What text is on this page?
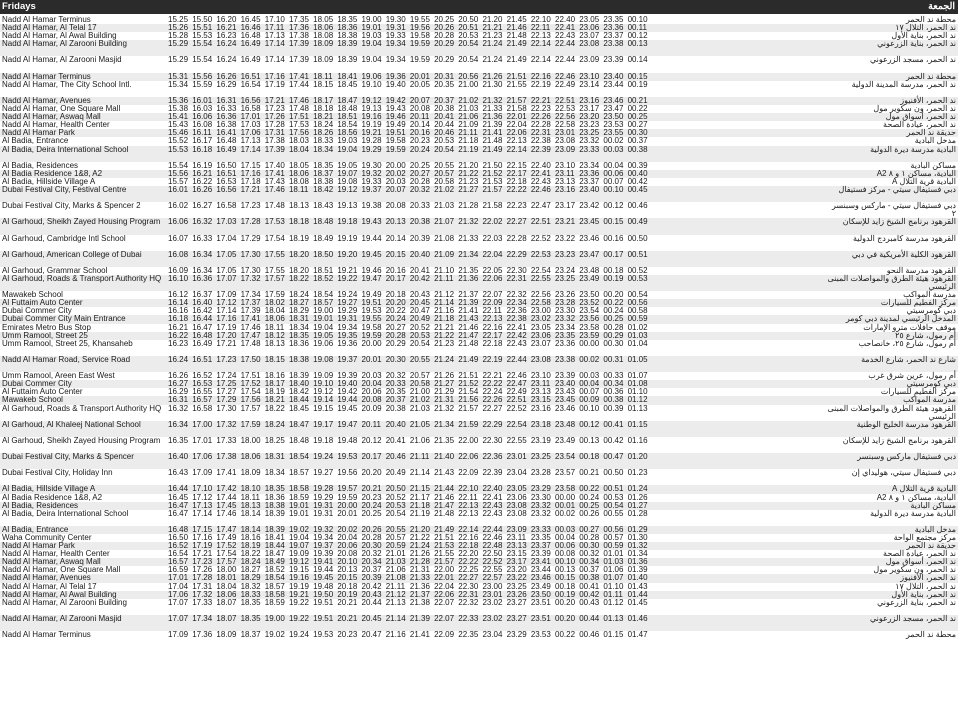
Fridays	الجمعة
Nadd Al Hamar Terminus	15.25 15.50 16.20 16.45 17.10 17.35 18.05 18.35 19.00 19.30 19.55 20.25 20.50 21.20 21.45 22.10 22.40 23.05 23.35 00.10	محطة ند الحمر
Nadd Al Hamar, Al Telal 17	15.26 15.51 16.21 16.46 17.11 17.36 18.06 18.36 19.01 19.31 19.56 20.26 20.51 21.21 21.46 22.11 22.41 23.06 23.36 00.11	ند الحمر، التلال ١٧
Nadd Al Hamar, Al Awal Building	15.28 15.53 16.23 16.48 17.13 17.38 18.08 18.38 19.03 19.33 19.58 20.28 20.53 21.23 21.48 22.13 22.43 23.07 23.37 00.12	ند الحمر، بناية الأول
Nadd Al Hamar, Al Zarooni Building	15.29 15.54 16.24 16.49 17.14 17.39 18.09 18.39 19.04 19.34 19.59 20.29 20.54 21.24 21.49 22.14 22.44 23.08 23.38 00.13	ند الحمر، بناية الزرعوني
Nadd Al Hamar, Al Zarooni Masjid	15.29 15.54 16.24 16.49 17.14 17.39 18.09 18.39 19.04 19.34 19.59 20.29 20.54 21.24 21.49 22.14 22.44 23.09 23.39 00.14	ند الحمر، مسجد الزرعوني
Nadd Al Hamar Terminus	15.31 15.56 16.26 16.51 17.16 17.41 18.11 18.41 19.06 19.36 20.01 20.31 20.56 21.26 21.51 22.16 22.46 23.10 23.40 00.15	محطة ند الحمر
Nadd Al Hamar, The City School Intl.	15.34 15.59 16.29 16.54 17.19 17.44 18.15 18.45 19.10 19.40 20.05 20.35 21.00 21.30 21.55 22.19 22.49 23.14 23.44 00.19	ند الحمر، مدرسة المدينة الدولية
Nadd Al Hamar, Avenues	15.36 16.01 16.31 16.56 17.21 17.46 18.17 18.47 19.12 19.42 20.07 20.37 21.02 21.32 21.57 22.21 22.51 23.16 23.46 00.21	ند الحمر، الأفنيوز
Nadd Al Hamar, One Square Mall	15.38 16.03 16.33 16.58 17.23 17.48 18.18 18.48 19.13 19.43 20.08 20.38 21.03 21.33 21.58 22.23 22.53 23.17 23.47 00.22	ند الحمر، ون سكوير مول
Nadd Al Hamar, Aswaq Mall	15.41 16.06 16.36 17.01 17.26 17.51 18.21 18.51 19.16 19.46 20.11 20.41 21.06 21.36 22.01 22.26 22.56 23.20 23.50 00.25	ند الحمر، أسواق مول
Nadd Al Hamar, Health Center	15.43 16.08 16.38 17.03 17.28 17.53 18.24 18.54 19.19 19.49 20.14 20.44 21.09 21.39 22.04 22.28 22.58 23.23 23.53 00.27	ند الحمر، عيادة الصحة
Nadd Al Hamar Park	15.46 16.11 16.41 17.06 17.31 17.56 18.26 18.56 19.21 19.51 20.16 20.46 21.11 21.41 22.06 22.31 23.01 23.25 23.55 00.30	حديقة ند الحمر
Al Badia, Entrance	15.52 16.17 16.48 17.13 17.38 18.03 18.33 19.03 19.28 19.58 20.23 20.53 21.18 21.48 22.13 22.38 23.08 23.32 00.02 00.37	مدخل البادية
Al Badia, Deira International School	15.53 16.18 16.49 17.14 17.39 18.04 18.34 19.04 19.29 19.59 20.24 20.54 21.19 21.49 22.14 22.39 23.09 23.33 00.03 00.38	البادية مدرسة ديرة الدولية
Al Badia, Residences	15.54 16.19 16.50 17.15 17.40 18.05 18.35 19.05 19.30 20.00 20.25 20.55 21.20 21.50 22.15 22.40 23.10 23.34 00.04 00.39	مساكن البادية
Al Badia Residence 1&8, A2	15.56 16.21 16.51 17.16 17.41 18.06 18.37 19.07 19.32 20.02 20.27 20.57 21.22 21.52 22.17 22.41 23.11 23.36 00.06 00.40	البادية، مساكن ١ و ٨ A2
Al Badia, Hillside Village A	15.57 16.22 16.53 17.18 17.43 18.08 18.38 19.08 19.33 20.03 20.28 20.58 21.23 21.53 22.18 22.43 23.13 23.37 00.07 00.42	البادية قرية التلال A
Dubai Festival City, Festival Centre	16.01 16.26 16.56 17.21 17.46 18.11 18.42 19.12 19.37 20.07 20.32 21.02 21.27 21.57 22.22 22.46 23.16 23.40 00.10 00.45	دبي فستيفال سيتي - مركز فستيفال
Dubai Festival City, Marks & Spencer 2	16.02 16.27 16.58 17.23 17.48 18.13 18.43 19.13 19.38 20.08 20.33 21.03 21.28 21.58 22.23 22.47 23.17 23.42 00.12 00.46	دبي فستيفال سيتي - ماركس وسبنسر ٢
Al Garhoud, Sheikh Zayed Housing Program 16.06 16.32 17.03 17.28 17.53 18.18 18.48 19.18 19.43 20.13 20.38 21.07 21.32 22.02 22.27 22.51 23.21 23.45 00.15 00.49	القرهود برنامج الشيخ زايد للإسكان
Al Garhoud, Cambridge Intl School	16.07 16.33 17.04 17.29 17.54 18.19 18.49 19.19 19.44 20.14 20.39 21.08 21.33 22.03 22.28 22.52 23.22 23.46 00.16 00.50	القرهود مدرسة كامبردج الدولية
Al Garhoud, American College of Dubai	16.08 16.34 17.05 17.30 17.55 18.20 18.50 19.20 19.45 20.15 20.40 21.09 21.34 22.04 22.29 22.53 23.23 23.47 00.17 00.51	القرهود الكلية الأمريكية في دبي
Al Garhoud, Grammar School	16.09 16.34 17.05 17.30 17.55 18.20 18.51 19.21 19.46 20.16 20.41 21.10 21.35 22.05 22.30 22.54 23.24 23.48 00.18 00.52	القرهود مدرسة النحو
Al Garhoud, Roads & Transport Authority HQ 16.10 16.36 17.07 17.32 17.57 18.22 18.52 19.22 19.47 20.17 20.42 21.11 21.36 22.06 22.31 22.55 23.25 23.49 00.19 00.53	القرهود هيئة الطرق والمواصلات المبنى الرئيسي
Mawakeb School	16.12 16.37 17.09 17.34 17.59 18.24 18.54 19.24 19.49 20.18 20.43 21.12 21.37 22.07 22.32 22.56 23.26 23.50 00.20 00.54	مدرسة المواكب
Al Futtaim Auto Center	16.14 16.40 17.12 17.37 18.02 18.27 18.57 19.27 19.51 20.20 20.45 21.14 21.39 22.09 22.34 22.58 23.28 23.52 00.22 00.56	مركز الفطيم للسيارات
Dubai Commer City	16.16 16.42 17.14 17.39 18.04 18.29 19.00 19.29 19.53 20.22 20.47 21.16 21.41 22.11 22.36 23.00 23.30 23.54 00.24 00.58	دبي كومرسيتي
Dubai Commer City Main Entrance	16.18 16.44 17.16 17.41 18.06 18.31 19.01 19.31 19.55 20.24 20.49 21.18 21.43 22.13 22.38 23.02 23.32 23.56 00.25 00.59	المدخل الرئيسي لمدينة دبي كومر
Emirates Metro Bus Stop	16.21 16.47 17.19 17.46 18.11 18.34 19.04 19.34 19.58 20.27 20.52 21.21 21.46 22.16 22.41 23.05 23.34 23.58 00.28 01.02	موقف حافلات مترو الإمارات
Umm Ramool, Street 25	16.22 16.48 17.20 17.47 18.12 18.35 19.05 19.35 19.59 20.28 20.53 21.22 21.47 22.17 22.42 23.06 23.35 23.59 00.29 01.03	أم رمول، شارع ٢٥
Umm Ramool, Street 25, Khansaheb	16.23 16.49 17.21 17.48 18.13 18.36 19.06 19.36 20.00 20.29 20.54 21.23 21.48 22.18 22.43 23.07 23.36 00.00 00.30 01.04	أم رمول، شارع ٢٥، خانصاحب
Nadd Al Hamar Road, Service Road	16.24 16.51 17.23 17.50 18.15 18.38 19.08 19.37 20.01 20.30 20.55 21.24 21.49 22.19 22.44 23.08 23.38 00.02 00.31 01.05	شارع ند الحمر، شارع الخدمة
Umm Ramool, Areen East West	16.26 16.52 17.24 17.51 18.16 18.39 19.09 19.39 20.03 20.32 20.57 21.26 21.51 22.21 22.46 23.10 23.39 00.03 00.33 01.07	أم رمول، عرين شرق غرب
Dubai Commer City	16.27 16.53 17.25 17.52 18.17 18.40 19.10 19.40 20.04 20.33 20.58 21.27 21.52 22.22 22.47 23.11 23.40 00.04 00.34 01.08	دبي كومرسيتي
Al Futtaim Auto Center	16.29 16.55 17.27 17.54 18.19 18.42 19.12 19.42 20.06 20.35 21.00 21.29 21.54 22.24 22.49 23.13 23.43 00.07 00.36 01.10	مركز الفطيم للسيارات
Mawakeb School	16.31 16.57 17.29 17.56 18.21 18.44 19.14 19.44 20.08 20.37 21.02 21.31 21.56 22.26 22.51 23.15 23.45 00.09 00.38 01.12	مدرسة المواكب
Al Garhoud, Roads & Transport Authority HQ 16.32 16.58 17.30 17.57 18.22 18.45 19.15 19.45 20.09 20.38 21.03 21.32 21.57 22.27 22.52 23.16 23.46 00.10 00.39 01.13	القرهود هيئة الطرق والمواصلات المبنى الرئيسي
Al Garhoud, Al Khaleej National School	16.34 17.00 17.32 17.59 18.24 18.47 19.17 19.47 20.11 20.40 21.05 21.34 21.59 22.29 22.54 23.18 23.48 00.12 00.41 01.15	القرهود مدرسة الخليج الوطنية
Al Garhoud, Sheikh Zayed Housing Program 16.35 17.01 17.33 18.00 18.25 18.48 19.18 19.48 20.12 20.41 21.06 21.35 22.00 22.30 22.55 23.19 23.49 00.13 00.42 01.16	القرهود برنامج الشيخ زايد للإسكان
Dubai Festival City, Marks & Spencer	16.40 17.06 17.38 18.06 18.31 18.54 19.24 19.53 20.17 20.46 21.11 21.40 22.06 22.36 23.01 23.25 23.54 00.18 00.47 01.20	دبي فستيفال ماركس وسبنسر
Dubai Festival City, Holiday Inn	16.43 17.09 17.41 18.09 18.34 18.57 19.27 19.56 20.20 20.49 21.14 21.43 22.09 22.39 23.04 23.28 23.57 00.21 00.50 01.23	دبي فستيفال سيتي، هوليداي إن
Al Badia, Hillside Village A	16.44 17.10 17.42 18.10 18.35 18.58 19.28 19.57 20.21 20.50 21.15 21.44 22.10 22.40 23.05 23.29 23.58 00.22 00.51 01.24	البادية قرية التلال A
Al Badia Residence 1&8, A2	16.45 17.12 17.44 18.11 18.36 18.59 19.29 19.59 20.23 20.52 21.17 21.46 22.11 22.41 23.06 23.30 00.00 00.24 00.53 01.26	البادية، مساكن ١ و ٨ A2
Al Badia, Residences	16.47 17.13 17.45 18.13 18.38 19.01 19.31 20.00 20.24 20.53 21.18 21.47 22.13 22.43 23.08 23.32 00.01 00.25 00.54 01.27	مساكن البادية
Al Badia, Deira International School	16.47 17.14 17.46 18.14 18.39 19.01 19.31 20.01 20.25 20.54 21.19 21.48 22.13 22.43 23.08 23.32 00.02 00.26 00.55 01.28	البادية مدرسة ديرة الدولية
Al Badia, Entrance	16.48 17.15 17.47 18.14 18.39 19.02 19.32 20.02 20.26 20.55 21.20 21.49 22.14 22.44 23.09 23.33 00.03 00.27 00.56 01.29	مدخل البادية
Waha Community Center	16.50 17.16 17.49 18.16 18.41 19.04 19.34 20.04 20.28 20.57 21.22 21.51 22.16 22.46 23.11 23.35 00.04 00.28 00.57 01.30	مركز مجتمع الواحة
Nadd Al Hamar Park	16.52 17.19 17.52 18.19 18.44 19.07 19.37 20.06 20.30 20.59 21.24 21.53 22.18 22.48 23.13 23.37 00.06 00.30 00.59 01.32	حديقة ند الحمر
Nadd Al Hamar, Health Center	16.54 17.21 17.54 18.22 18.47 19.09 19.39 20.08 20.32 21.01 21.26 21.55 22.20 22.50 23.15 23.39 00.08 00.32 01.01 01.34	ند الحمر، عيادة الصحة
Nadd Al Hamar, Aswaq Mall	16.57 17.23 17.57 18.24 18.49 19.12 19.41 20.10 20.34 21.03 21.28 21.57 22.22 22.52 23.17 23.41 00.10 00.34 01.03 01.36	ند الحمر، أسواق مول
Nadd Al Hamar, One Square Mall	16.59 17.26 18.00 18.27 18.52 19.15 19.44 20.13 20.37 21.06 21.31 22.00 22.25 22.55 23.20 23.44 00.13 00.37 01.06 01.39	ند الحمر، ون سكوير مول
Nadd Al Hamar, Avenues	17.01 17.28 18.01 18.29 18.54 19.16 19.45 20.15 20.39 21.08 21.33 22.01 22.27 22.57 23.22 23.46 00.15 00.38 01.07 01.40	ند الحمر، الأفنيوز
Nadd Al Hamar, Al Telal 17	17.04 17.31 18.04 18.32 18.57 19.19 19.48 20.18 20.42 21.11 21.36 22.04 22.30 23.00 23.25 23.49 00.18 00.41 01.10 01.43	ند الحمر، التلال ١٧
Nadd Al Hamar, Al Awal Building	17.06 17.32 18.06 18.33 18.58 19.21 19.50 20.19 20.43 21.12 21.37 22.06 22.31 23.01 23.26 23.50 00.19 00.42 01.11 01.44	ند الحمر، بناية الأول
Nadd Al Hamar, Al Zarooni Building	17.07 17.33 18.07 18.35 18.59 19.22 19.51 20.21 20.44 21.13 21.38 22.07 22.32 23.02 23.27 23.51 00.20 00.43 01.12 01.45	ند الحمر، بناية الزرعوني
Nadd Al Hamar, Al Zarooni Masjid	17.07 17.34 18.07 18.35 19.00 19.22 19.51 20.21 20.45 21.14 21.39 22.07 22.33 23.02 23.27 23.51 00.20 00.44 01.13 01.46	ند الحمر، مسجد الزرعوني
Nadd Al Hamar Terminus	17.09 17.36 18.09 18.37 19.02 19.24 19.53 20.23 20.47 21.16 21.41 22.09 22.35 23.04 23.29 23.53 00.22 00.46 01.15 01.47	محطة ند الحمر
